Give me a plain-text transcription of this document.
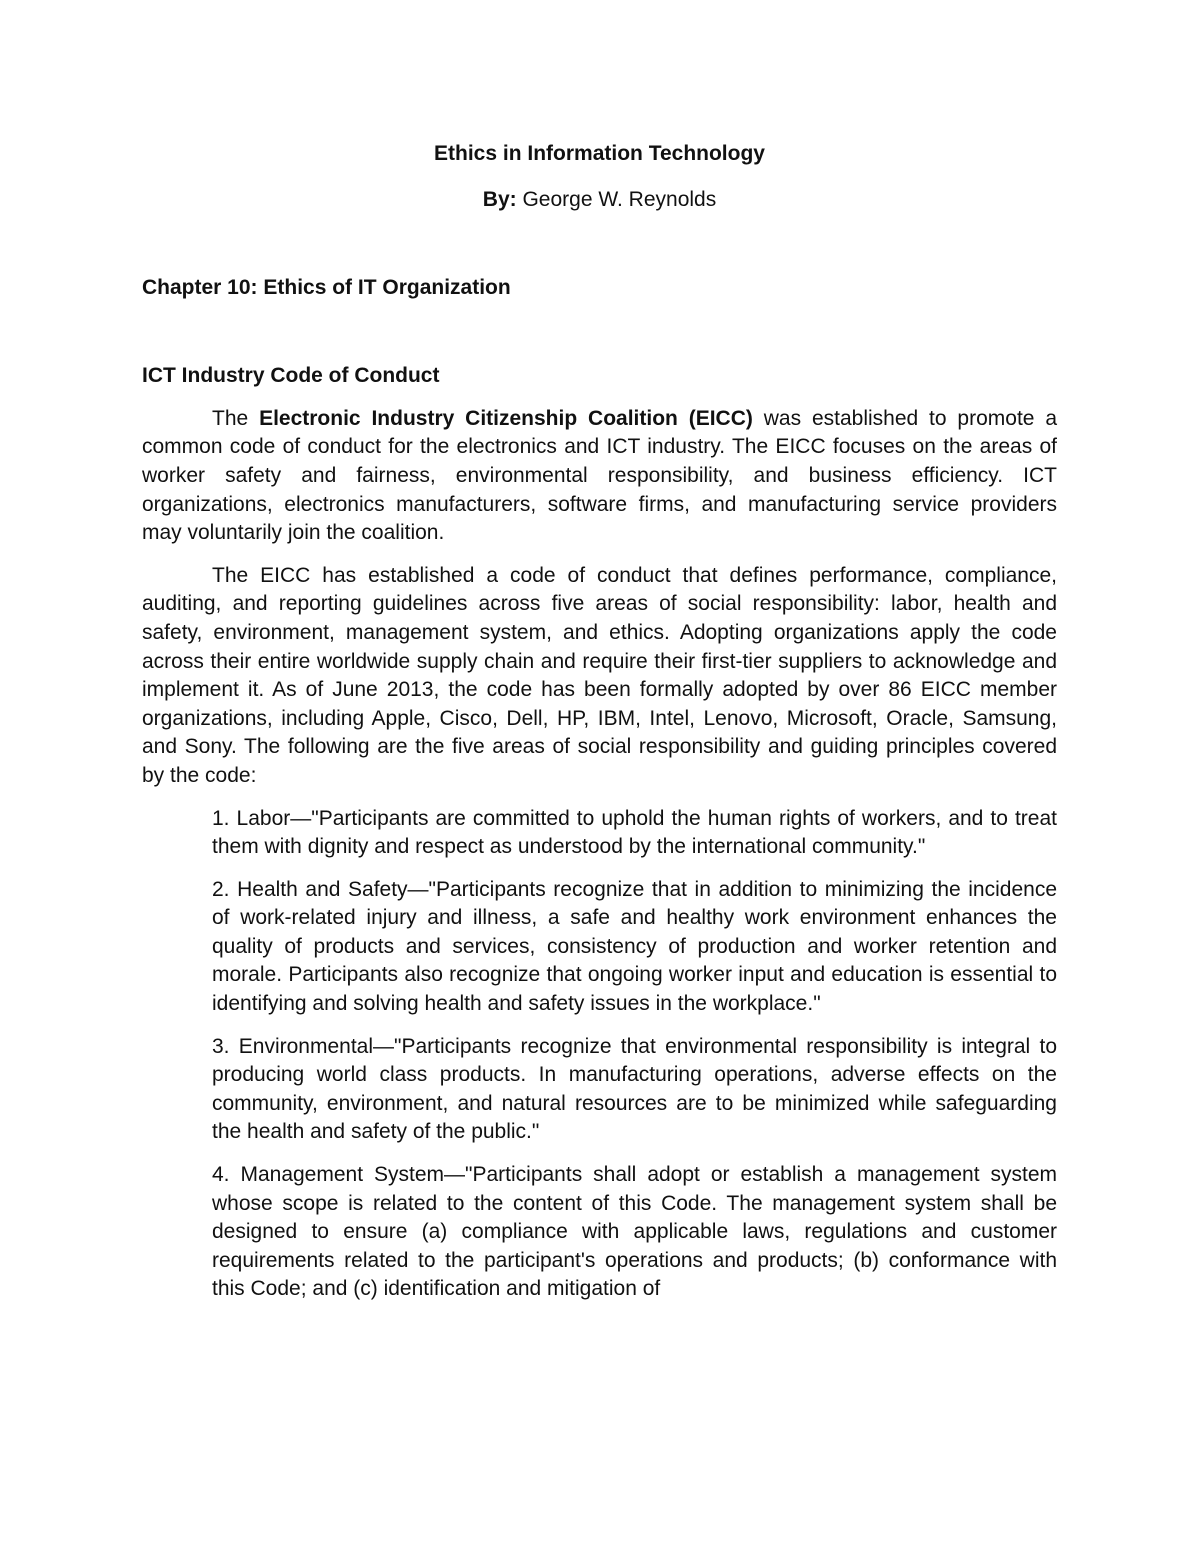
Ethics in Information Technology

By: George W. Reynolds

Chapter 10: Ethics of IT Organization

ICT Industry Code of Conduct

The Electronic Industry Citizenship Coalition (EICC) was established to promote a common code of conduct for the electronics and ICT industry. The EICC focuses on the areas of worker safety and fairness, environmental responsibility, and business efficiency. ICT organizations, electronics manufacturers, software firms, and manufacturing service providers may voluntarily join the coalition.

The EICC has established a code of conduct that defines performance, compliance, auditing, and reporting guidelines across five areas of social responsibility: labor, health and safety, environment, management system, and ethics. Adopting organizations apply the code across their entire worldwide supply chain and require their first-tier suppliers to acknowledge and implement it. As of June 2013, the code has been formally adopted by over 86 EICC member organizations, including Apple, Cisco, Dell, HP, IBM, Intel, Lenovo, Microsoft, Oracle, Samsung, and Sony. The following are the five areas of social responsibility and guiding principles covered by the code:

1. Labor—"Participants are committed to uphold the human rights of workers, and to treat them with dignity and respect as understood by the international community."
2. Health and Safety—"Participants recognize that in addition to minimizing the incidence of work-related injury and illness, a safe and healthy work environment enhances the quality of products and services, consistency of production and worker retention and morale. Participants also recognize that ongoing worker input and education is essential to identifying and solving health and safety issues in the workplace."
3. Environmental—"Participants recognize that environmental responsibility is integral to producing world class products. In manufacturing operations, adverse effects on the community, environment, and natural resources are to be minimized while safeguarding the health and safety of the public."
4. Management System—"Participants shall adopt or establish a management system whose scope is related to the content of this Code. The management system shall be designed to ensure (a) compliance with applicable laws, regulations and customer requirements related to the participant's operations and products; (b) conformance with this Code; and (c) identification and mitigation of
